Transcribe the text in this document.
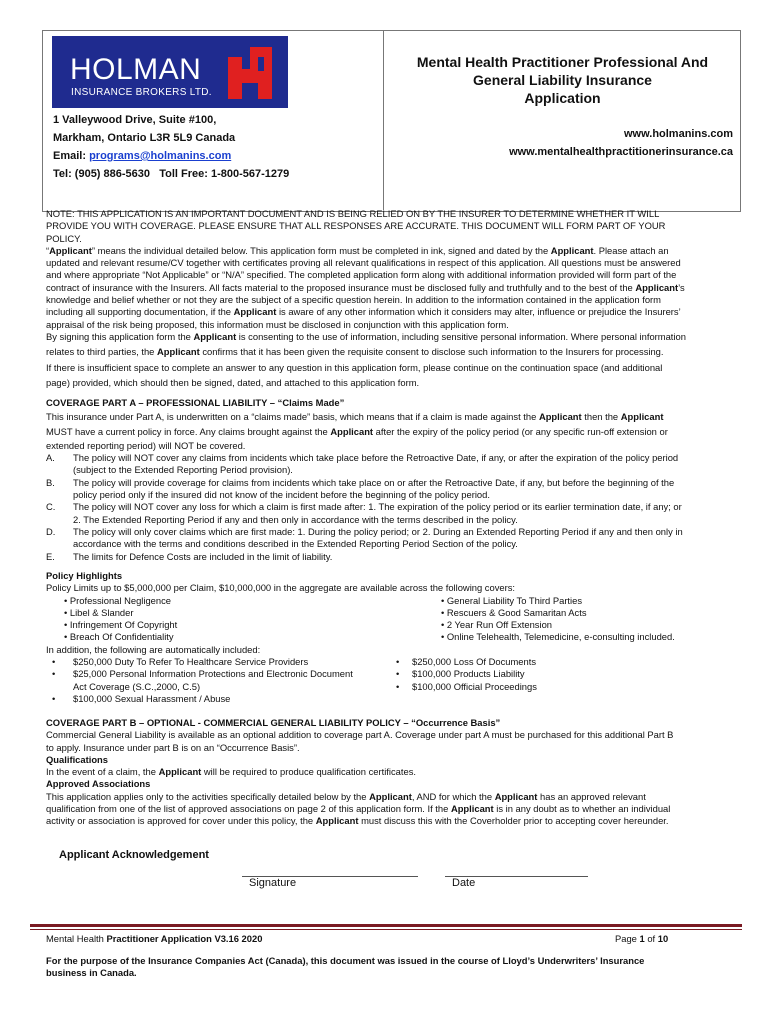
HOLMAN
INSURANCE BROKERS LTD.
1 Valleywood Drive, Suite #100,
Markham, Ontario L3R 5L9 Canada
Email: programs@holmanins.com
Tel: (905) 886-5630 Toll Free: 1-800-567-1279
Mental Health Practitioner Professional And
General Liability Insurance
Application
www.holmanins.com
www.mentalhealthpractitionerinsurance.ca

NOTE: THIS APPLICATION IS AN IMPORTANT DOCUMENT AND IS BEING RELIED ON BY THE INSURER TO DETERMINE WHETHER IT WILL

PROVIDE YOU WITH COVERAGE. PLEASE ENSURE THAT ALL RESPONSES ARE ACCURATE. THIS DOCUMENT WILL FORM PART OF YOUR

POLICY.

“Applicant” means the individual detailed below. This application form must be completed in ink, signed and dated by the Applicant. Please attach an

updated and relevant resume/CV together with certificates proving all relevant qualifications in respect of this application. All questions must be answered

and where appropriate “Not Applicable” or “N/A” specified. The completed application form along with additional information provided will form part of the

contract of insurance with the Insurers. All facts material to the proposed insurance must be disclosed fully and truthfully and to the best of the Applicant’s

knowledge and belief whether or not they are the subject of a specific question herein. In addition to the information contained in the application form

including all supporting documentation, if the Applicant is aware of any other information which it considers may alter, influence or prejudice the Insurers’

appraisal of the risk being proposed, this information must be disclosed in conjunction with this application form.

By signing this application form the Applicant is consenting to the use of information, including sensitive personal information. Where personal information

relates to third parties, the Applicant confirms that it has been given the requisite consent to disclose such information to the Insurers for processing.

If there is insufficient space to complete an answer to any question in this application form, please continue on the continuation space (and additional

page) provided, which should then be signed, dated, and attached to this application form.

COVERAGE PART A – PROFESSIONAL LIABILITY – “Claims Made”

This insurance under Part A, is underwritten on a “claims made” basis, which means that if a claim is made against the Applicant then the Applicant

MUST have a current policy in force. Any claims brought against the Applicant after the expiry of the policy period (or any specific run-off extension or

extended reporting period) will NOT be covered.

A. The policy will NOT cover any claims from incidents which take place before the Retroactive Date, if any, or after the expiration of the policy period
(subject to the Extended Reporting Period provision).
B. The policy will provide coverage for claims from incidents which take place on or after the Retroactive Date, if any, but before the beginning of the
policy period only if the insured did not know of the incident before the beginning of the policy period.
C. The policy will NOT cover any loss for which a claim is first made after: 1. The expiration of the policy period or its earlier termination date, if any; or
2. The Extended Reporting Period if any and then only in accordance with the terms described in the policy.
D. The policy will only cover claims which are first made: 1. During the policy period; or 2. During an Extended Reporting Period if any and then only in
accordance with the terms and conditions described in the Extended Reporting Period Section of the policy.
E. The limits for Defence Costs are included in the limit of liability.

Policy Highlights

Policy Limits up to $5,000,000 per Claim, $10,000,000 in the aggregate are available across the following covers:

• Professional Negligence	• General Liability To Third Parties
• Libel & Slander	• Rescuers & Good Samaritan Acts
• Infringement Of Copyright	• 2 Year Run Off Extension
• Breach Of Confidentiality	• Online Telehealth, Telemedicine, e-consulting included.

In addition, the following are automatically included:

• $250,000 Duty To Refer To Healthcare Service Providers	• $250,000 Loss Of Documents
• $25,000 Personal Information Protections and Electronic Document	• $100,000 Products Liability
Act Coverage (S.C.,2000, C.5)	• $100,000 Official Proceedings
• $100,000 Sexual Harassment / Abuse

COVERAGE PART B – OPTIONAL - COMMERCIAL GENERAL LIABILITY POLICY – “Occurrence Basis”

Commercial General Liability is available as an optional addition to coverage part A. Coverage under part A must be purchased for this additional Part B

to apply. Insurance under part B is on an “Occurrence Basis”.

Qualifications

In the event of a claim, the Applicant will be required to produce qualification certificates.

Approved Associations

This application applies only to the activities specifically detailed below by the Applicant, AND for which the Applicant has an approved relevant

qualification from one of the list of approved associations on page 2 of this application form. If the Applicant is in any doubt as to whether an individual

activity or association is approved for cover under this policy, the Applicant must discuss this with the Coverholder prior to accepting cover hereunder.

Applicant Acknowledgement
Signature	Date
Mental Health Practitioner Application V3.16 2020	Page 1 of 10
For the purpose of the Insurance Companies Act (Canada), this document was issued in the course of Lloyd’s Underwriters’ Insurance
business in Canada.
